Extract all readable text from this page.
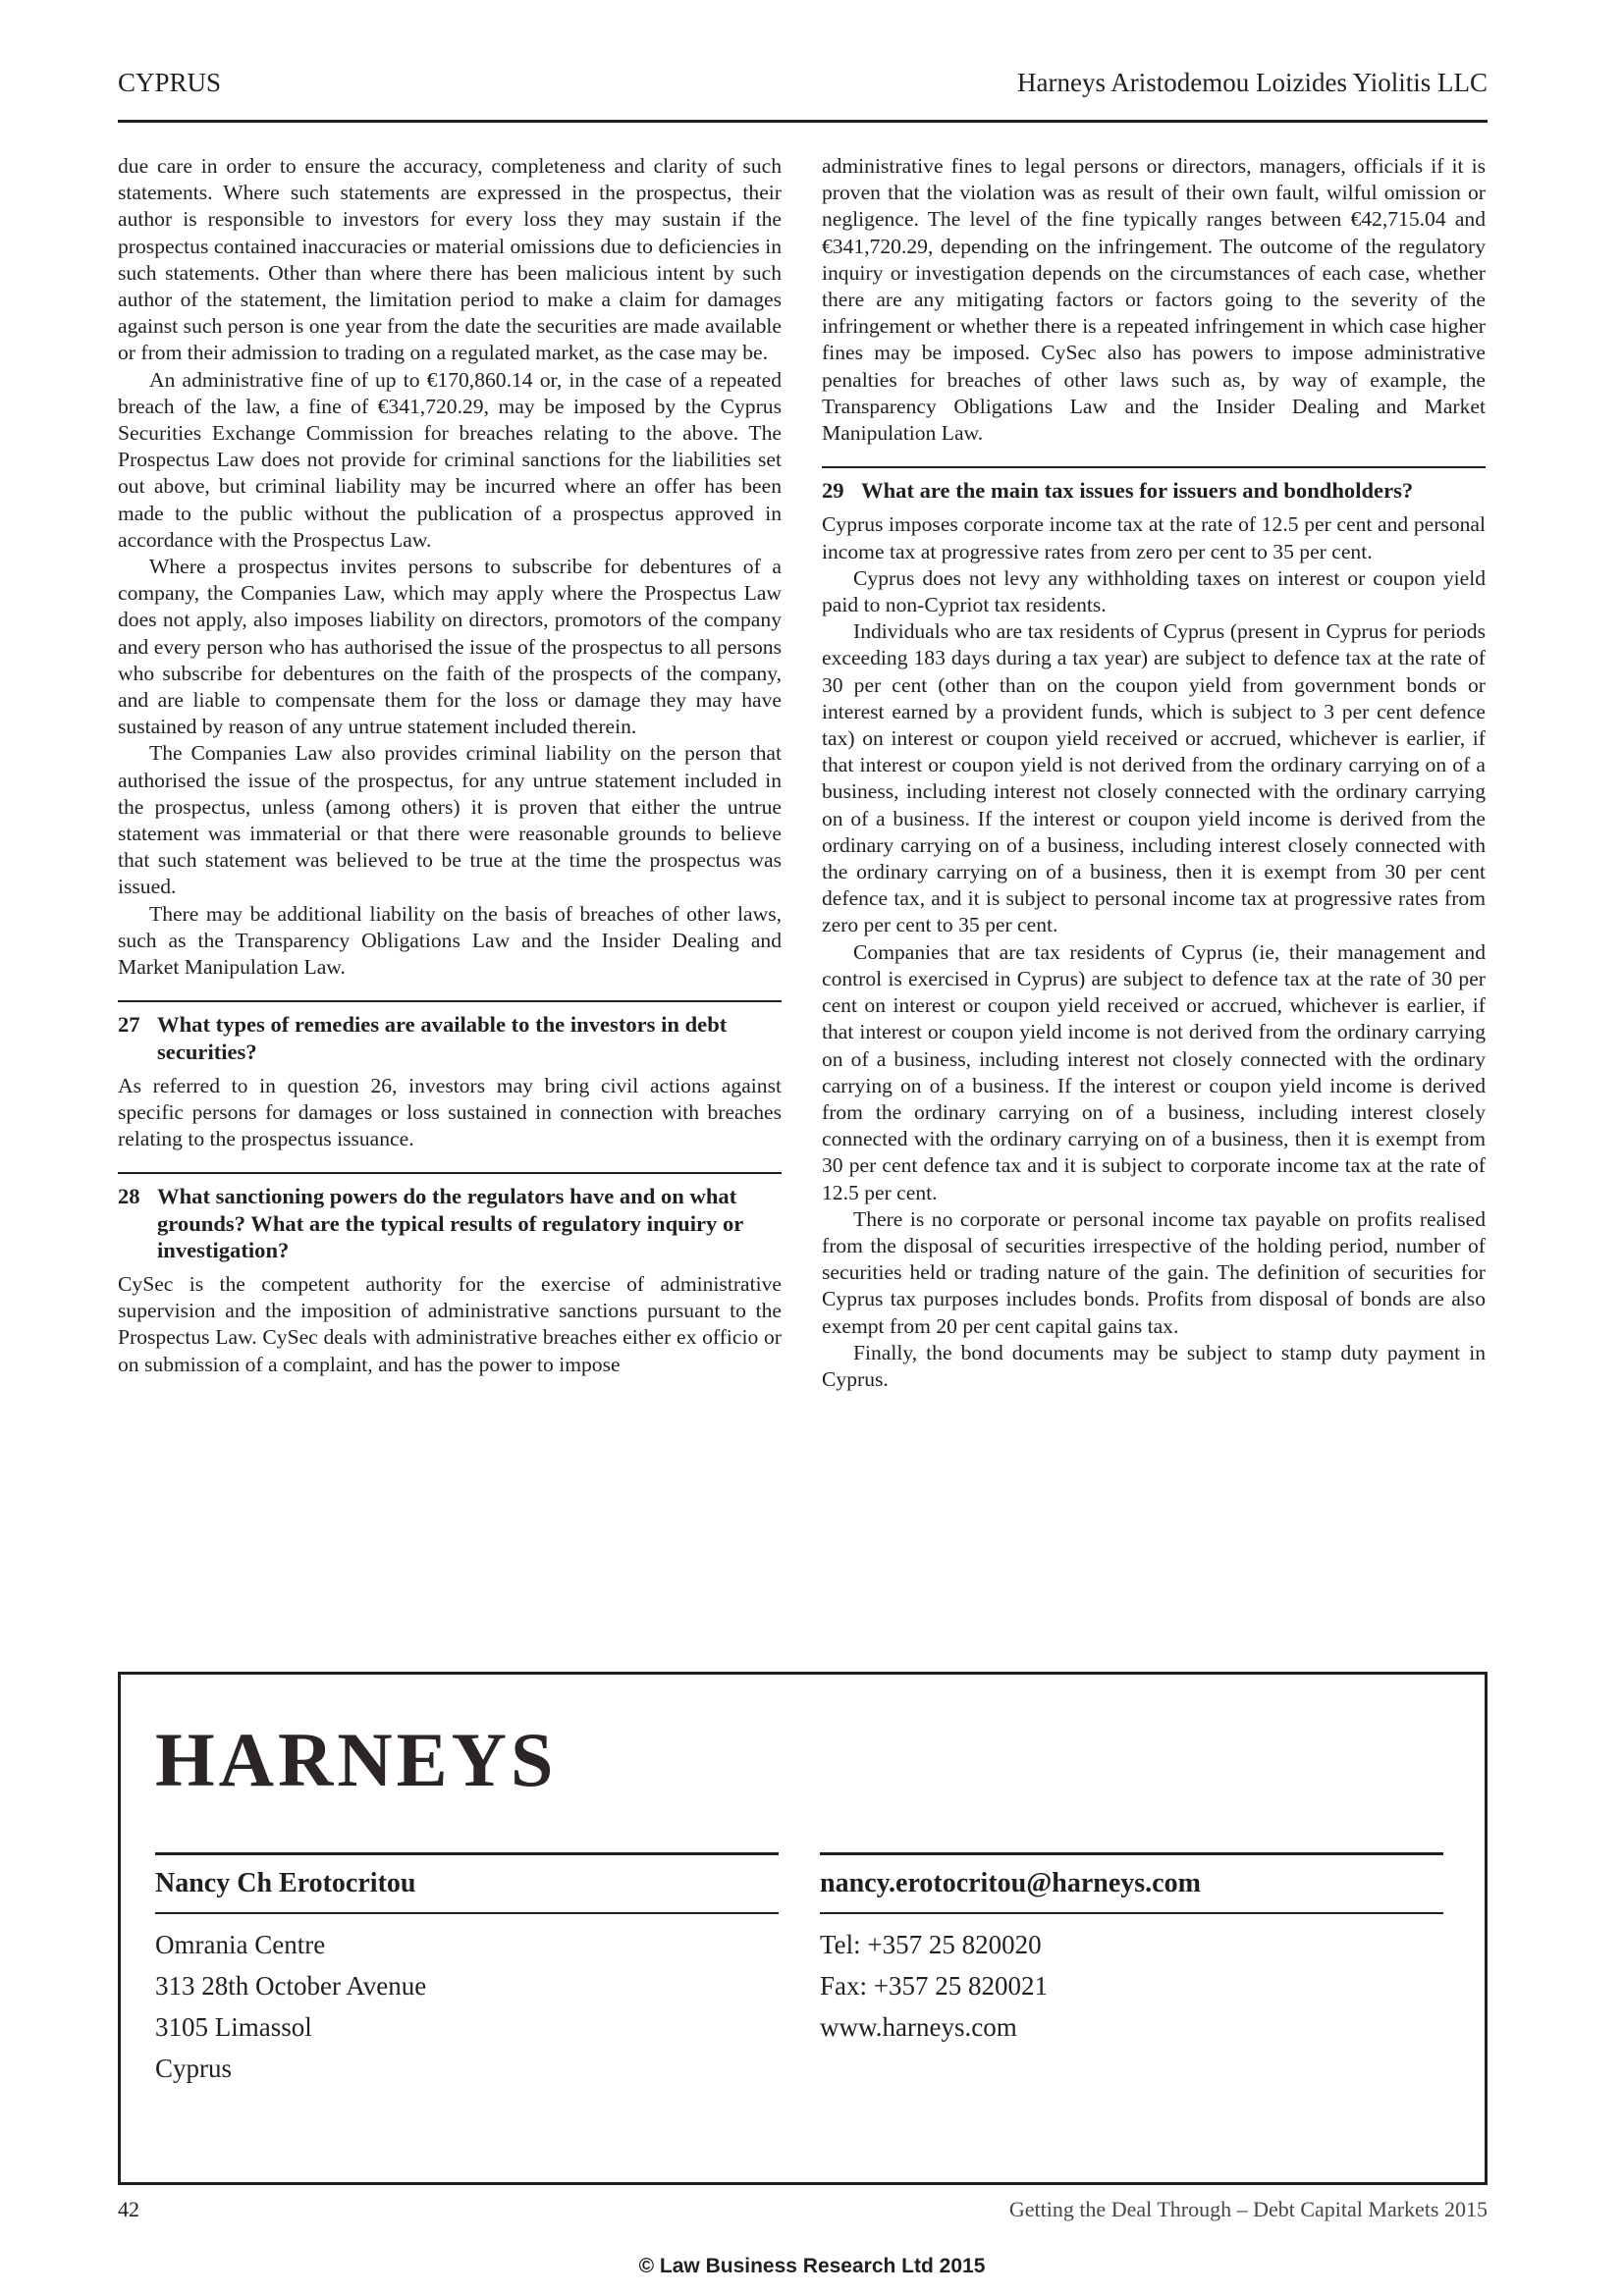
CYPRUS	Harneys Aristodemou Loizides Yiolitis LLC

due care in order to ensure the accuracy, completeness and clarity of such statements. Where such statements are expressed in the prospectus, their author is responsible to investors for every loss they may sustain if the prospectus contained inaccuracies or material omissions due to deficiencies in such statements. Other than where there has been malicious intent by such author of the statement, the limitation period to make a claim for damages against such person is one year from the date the securities are made available or from their admission to trading on a regulated market, as the case may be.

An administrative fine of up to €170,860.14 or, in the case of a repeated breach of the law, a fine of €341,720.29, may be imposed by the Cyprus Securities Exchange Commission for breaches relating to the above. The Prospectus Law does not provide for criminal sanctions for the liabilities set out above, but criminal liability may be incurred where an offer has been made to the public without the publication of a prospectus approved in accordance with the Prospectus Law.

Where a prospectus invites persons to subscribe for debentures of a company, the Companies Law, which may apply where the Prospectus Law does not apply, also imposes liability on directors, promotors of the company and every person who has authorised the issue of the prospectus to all persons who subscribe for debentures on the faith of the prospects of the company, and are liable to compensate them for the loss or damage they may have sustained by reason of any untrue statement included therein.

The Companies Law also provides criminal liability on the person that authorised the issue of the prospectus, for any untrue statement included in the prospectus, unless (among others) it is proven that either the untrue statement was immaterial or that there were reasonable grounds to believe that such statement was believed to be true at the time the prospectus was issued.

There may be additional liability on the basis of breaches of other laws, such as the Transparency Obligations Law and the Insider Dealing and Market Manipulation Law.

27 What types of remedies are available to the investors in debt securities?

As referred to in question 26, investors may bring civil actions against specific persons for damages or loss sustained in connection with breaches relating to the prospectus issuance.

28 What sanctioning powers do the regulators have and on what grounds? What are the typical results of regulatory inquiry or investigation?

CySec is the competent authority for the exercise of administrative supervision and the imposition of administrative sanctions pursuant to the Prospectus Law. CySec deals with administrative breaches either ex officio or on submission of a complaint, and has the power to impose

administrative fines to legal persons or directors, managers, officials if it is proven that the violation was as result of their own fault, wilful omission or negligence. The level of the fine typically ranges between €42,715.04 and €341,720.29, depending on the infringement. The outcome of the regulatory inquiry or investigation depends on the circumstances of each case, whether there are any mitigating factors or factors going to the severity of the infringement or whether there is a repeated infringement in which case higher fines may be imposed. CySec also has powers to impose administrative penalties for breaches of other laws such as, by way of example, the Transparency Obligations Law and the Insider Dealing and Market Manipulation Law.

29 What are the main tax issues for issuers and bondholders?

Cyprus imposes corporate income tax at the rate of 12.5 per cent and personal income tax at progressive rates from zero per cent to 35 per cent.

Cyprus does not levy any withholding taxes on interest or coupon yield paid to non-Cypriot tax residents.

Individuals who are tax residents of Cyprus (present in Cyprus for periods exceeding 183 days during a tax year) are subject to defence tax at the rate of 30 per cent (other than on the coupon yield from government bonds or interest earned by a provident funds, which is subject to 3 per cent defence tax) on interest or coupon yield received or accrued, whichever is earlier, if that interest or coupon yield is not derived from the ordinary carrying on of a business, including interest not closely connected with the ordinary carrying on of a business. If the interest or coupon yield income is derived from the ordinary carrying on of a business, including interest closely connected with the ordinary carrying on of a business, then it is exempt from 30 per cent defence tax, and it is subject to personal income tax at progressive rates from zero per cent to 35 per cent.

Companies that are tax residents of Cyprus (ie, their management and control is exercised in Cyprus) are subject to defence tax at the rate of 30 per cent on interest or coupon yield received or accrued, whichever is earlier, if that interest or coupon yield income is not derived from the ordinary carrying on of a business, including interest not closely connected with the ordinary carrying on of a business. If the interest or coupon yield income is derived from the ordinary carrying on of a business, including interest closely connected with the ordinary carrying on of a business, then it is exempt from 30 per cent defence tax and it is subject to corporate income tax at the rate of 12.5 per cent.

There is no corporate or personal income tax payable on profits realised from the disposal of securities irrespective of the holding period, number of securities held or trading nature of the gain. The definition of securities for Cyprus tax purposes includes bonds. Profits from disposal of bonds are also exempt from 20 per cent capital gains tax.

Finally, the bond documents may be subject to stamp duty payment in Cyprus.

HARNEYS
Nancy Ch Erotocritou	nancy.erotocritou@harneys.com
Omrania Centre
313 28th October Avenue
3105 Limassol
Cyprus
Tel: +357 25 820020
Fax: +357 25 820021
www.harneys.com
42	Getting the Deal Through – Debt Capital Markets 2015
© Law Business Research Ltd 2015
